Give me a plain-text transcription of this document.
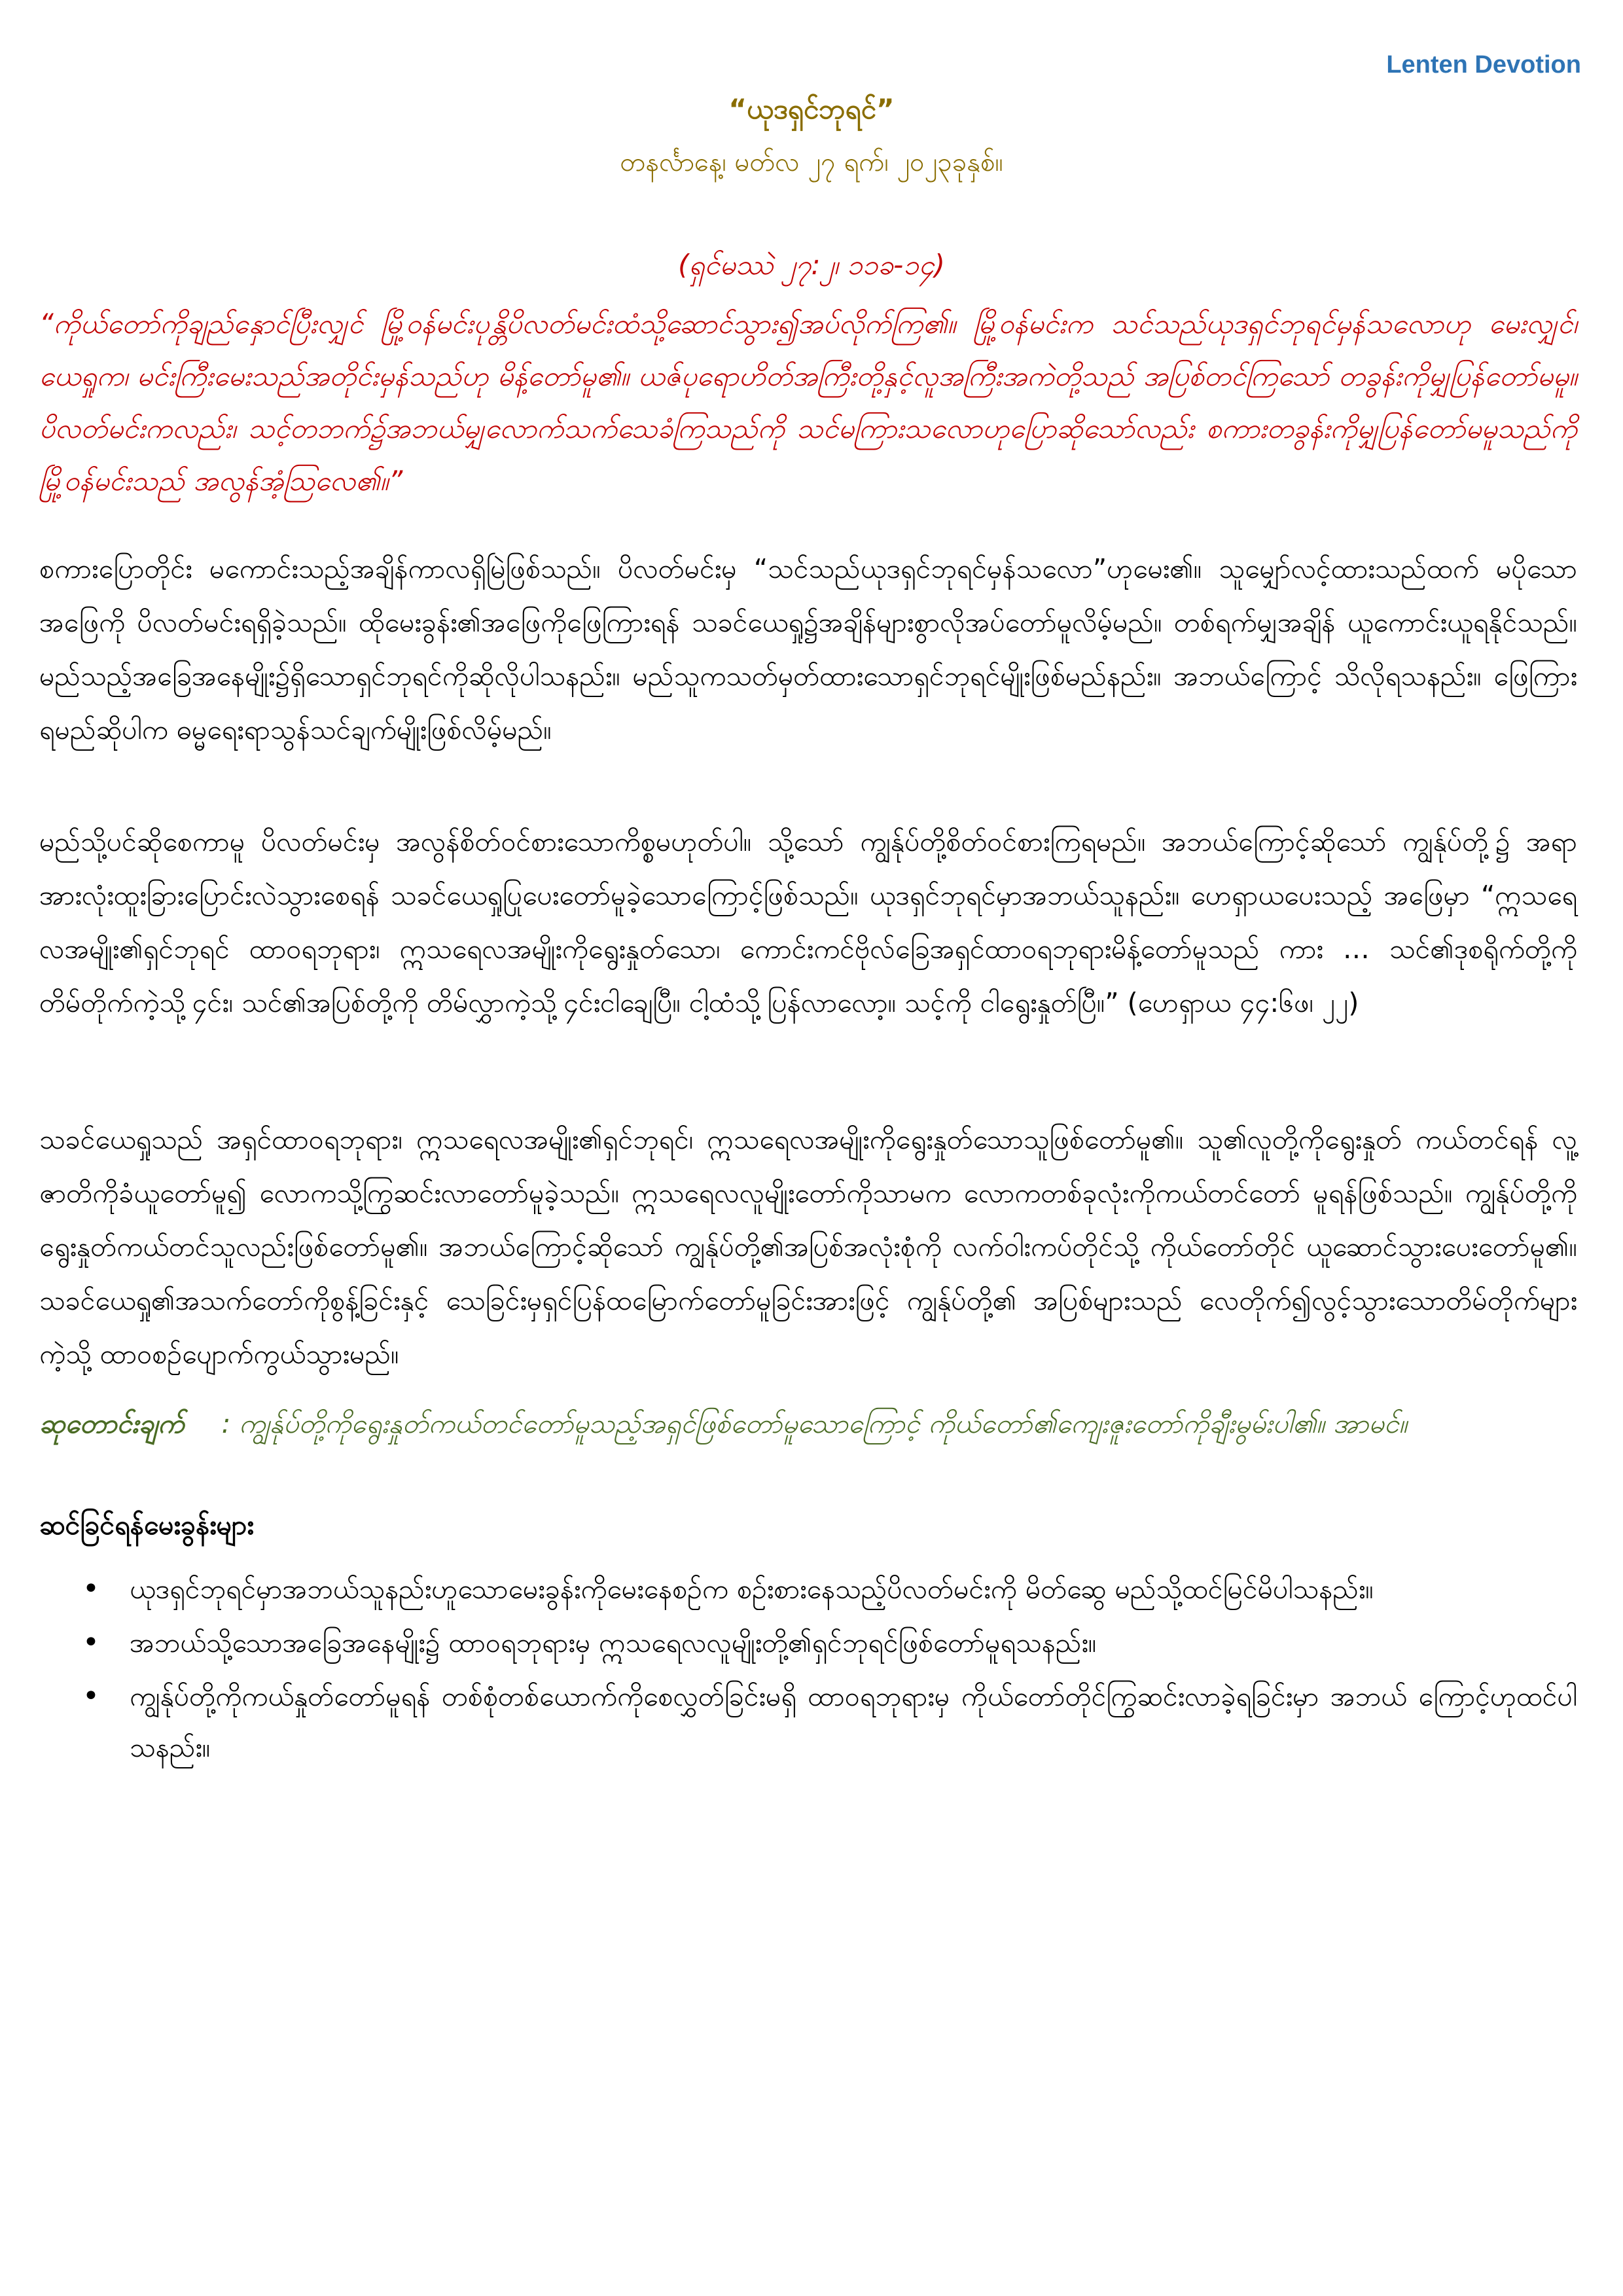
Lenten Devotion
“ယုဒရှင်ဘုရင်”
တနင်္လာနေ့၊ မတ်လ ၂၇ ရက်၊ ၂၀၂၃ခုနှစ်။
(ရှင်မဿဲ ၂၇:၂၊ ၁၁ခ-၁၄)
“ကိုယ်တော်ကိုချည်နှောင်ပြီးလျှင် မြို့ဝန်မင်းပုန္တိပိလတ်မင်းထံသို့ဆောင်သွား၍အပ်လိုက်ကြ၏။ မြို့ဝန်မင်းက သင်သည်ယုဒရှင်ဘုရင်မှန်သလောဟု မေးလျှင်၊ ယေရှုက၊ မင်းကြီးမေးသည်အတိုင်းမှန်သည်ဟု မိန့်တော်မူ၏။ ယဇ်ပုရောဟိတ်အကြီးတို့နှင့်လူအကြီးအကဲတို့သည် အပြစ်တင်ကြသော် တခွန်းကိုမျှပြန်တော်မမူ။ ပိလတ်မင်းကလည်း၊ သင့်တဘက်၌အဘယ်မျှလောက်သက်သေခံကြသည်ကို သင်မကြားသလောဟုပြောဆိုသော်လည်း စကားတခွန်းကိုမျှပြန်တော်မမူသည်ကို မြို့ဝန်မင်းသည် အလွန်အံ့ဩလေ၏။”
စကားပြောတိုင်း မကောင်းသည့်အချိန်ကာလရှိမြဲဖြစ်သည်။ ပိလတ်မင်းမှ “သင်သည်ယုဒရှင်ဘုရင်မှန်သလော”ဟုမေး၏။ သူမျှော်လင့်ထားသည်ထက် မပိုသောအဖြေကို ပိလတ်မင်းရရှိခဲ့သည်။ ထိုမေးခွန်း၏အဖြေကိုဖြေကြားရန် သခင်ယေရှု၌အချိန်များစွာလိုအပ်တော်မူလိမ့်မည်။ တစ်ရက်မျှအချိန် ယူကောင်းယူရနိုင်သည်။ မည်သည့်အခြေအနေမျိုး၌ရှိသောရှင်ဘုရင်ကိုဆိုလိုပါသနည်း။ မည်သူကသတ်မှတ်ထားသောရှင်ဘုရင်မျိုးဖြစ်မည်နည်း။ အဘယ်ကြောင့် သိလိုရသနည်း။ ဖြေကြားရမည်ဆိုပါက ဓမ္မရေးရာသွန်သင်ချက်မျိုးဖြစ်လိမ့်မည်။
မည်သို့ပင်ဆိုစေကာမူ ပိလတ်မင်းမှ အလွန်စိတ်ဝင်စားသောကိစ္စမဟုတ်ပါ။ သို့သော် ကျွန်ုပ်တို့စိတ်ဝင်စားကြရမည်။ အဘယ်ကြောင့်ဆိုသော် ကျွန်ုပ်တို့၌ အရာအားလုံးထူးခြားပြောင်းလဲသွားစေရန် သခင်ယေရှုပြုပေးတော်မူခဲ့သောကြောင့်ဖြစ်သည်။ ယုဒရှင်ဘုရင်မှာအဘယ်သူနည်း။ ဟေရှာယပေးသည့် အဖြေမှာ “ဣသရေလအမျိုး၏ရှင်ဘုရင် ထာဝရဘုရား၊ ဣသရေလအမျိုးကိုရွေးနှုတ်သော၊ ကောင်းကင်ဗိုလ်ခြေအရှင်ထာဝရဘုရားမိန့်တော်မူသည် ကား … သင်၏ဒုစရိုက်တို့ကို တိမ်တိုက်ကဲ့သို့၄င်း၊ သင်၏အပြစ်တို့ကို တိမ်လွှာကဲ့သို့၄င်းငါချေပြီ။ ငါ့ထံသို့ပြန်လာလော့။ သင့်ကို ငါရွေးနှုတ်ပြီ။” (ဟေရှာယ ၄၄:၆ဖ၊ ၂၂)
သခင်ယေရှုသည် အရှင်ထာဝရဘုရား၊ ဣသရေလအမျိုး၏ရှင်ဘုရင်၊ ဣသရေလအမျိုးကိုရွေးနှုတ်သောသူဖြစ်တော်မူ၏။ သူ၏လူတို့ကိုရွေးနှုတ် ကယ်တင်ရန် လူ့ဇာတိကိုခံယူတော်မူ၍ လောကသို့ကြွဆင်းလာတော်မူခဲ့သည်။ ဣသရေလလူမျိုးတော်ကိုသာမက လောကတစ်ခုလုံးကိုကယ်တင်တော် မူရန်ဖြစ်သည်။ ကျွန်ုပ်တို့ကိုရွေးနှုတ်ကယ်တင်သူလည်းဖြစ်တော်မူ၏။ အဘယ်ကြောင့်ဆိုသော် ကျွန်ုပ်တို့၏အပြစ်အလုံးစုံကို လက်ဝါးကပ်တိုင်သို့ ကိုယ်တော်တိုင် ယူဆောင်သွားပေးတော်မူ၏။ သခင်ယေရှု၏အသက်တော်ကိုစွန့်ခြင်းနှင့် သေခြင်းမှရှင်ပြန်ထမြောက်တော်မူခြင်းအားဖြင့် ကျွန်ုပ်တို့၏ အပြစ်များသည် လေတိုက်၍လွင့်သွားသောတိမ်တိုက်များကဲ့သို့ ထာဝစဉ်ပျောက်ကွယ်သွားမည်။
ဆုတောင်းချက် : ကျွန်ုပ်တို့ကိုရွေးနှုတ်ကယ်တင်တော်မူသည့်အရှင်ဖြစ်တော်မူသောကြောင့် ကိုယ်တော်၏ကျေးဇူးတော်ကိုချီးမွမ်းပါ၏။ အာမင်။
ဆင်ခြင်ရန်မေးခွန်းများ
• ယုဒရှင်ဘုရင်မှာအဘယ်သူနည်းဟူသောမေးခွန်းကိုမေးနေစဉ်က စဉ်းစားနေသည့်ပိလတ်မင်းကို မိတ်ဆွေ မည်သို့ထင်မြင်မိပါသနည်း။
• အဘယ်သို့သောအခြေအနေမျိုး၌ ထာဝရဘုရားမှ ဣသရေလလူမျိုးတို့၏ရှင်ဘုရင်ဖြစ်တော်မူရသနည်း။
• ကျွန်ုပ်တို့ကိုကယ်နှုတ်တော်မူရန် တစ်စုံတစ်ယောက်ကိုစေလွှတ်ခြင်းမရှိ ထာဝရဘုရားမှ ကိုယ်တော်တိုင်ကြွဆင်းလာခဲ့ရခြင်းမှာ အဘယ် ကြောင့်ဟုထင်ပါသနည်း။
